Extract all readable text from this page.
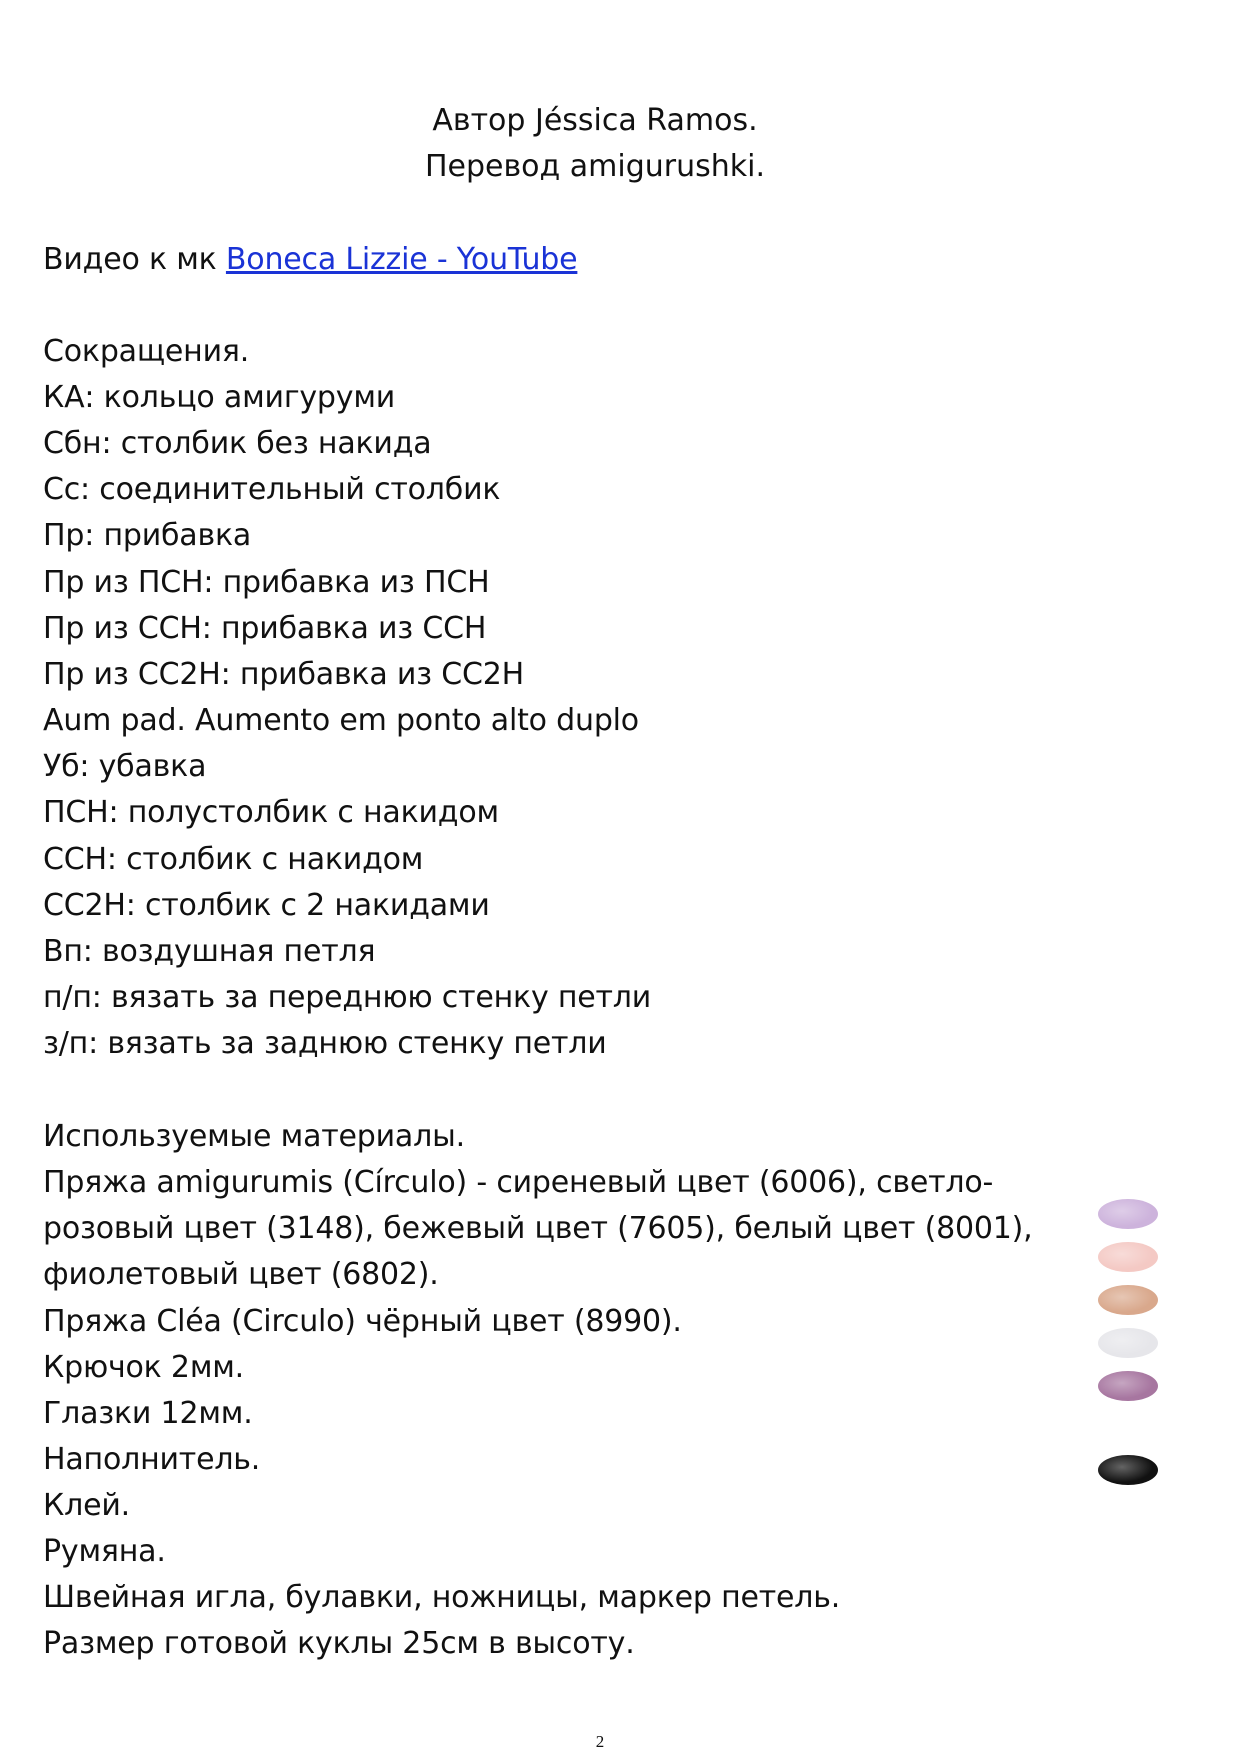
Автор Jéssica Ramos.
Перевод amigurushki.
Видео к мк Boneca Lizzie - YouTube
Сокращения.
КА: кольцо амигуруми
Сбн: столбик без накида
Сс: соединительный столбик
Пр: прибавка
Пр из ПСН: прибавка из ПСН
Пр из ССН: прибавка из ССН
Пр из СС2Н: прибавка из СС2Н
Aum pad. Aumento em ponto alto duplo
Уб: убавка
ПСН: полустолбик с накидом
ССН: столбик с накидом
СС2Н: столбик с 2 накидами
Вп: воздушная петля
п/п: вязать за переднюю стенку петли
з/п: вязать за заднюю стенку петли
Используемые материалы.
Пряжа amigurumis (Círculo) - сиреневый цвет (6006), светло-
розовый цвет (3148), бежевый цвет (7605), белый цвет (8001),
фиолетовый цвет (6802).
Пряжа Cléa (Circulo) чёрный цвет (8990).
Крючок 2мм.
Глазки 12мм.
Наполнитель.
Клей.
Румяна.
Швейная игла, булавки, ножницы, маркер петель.
Размер готовой куклы 25см в высоту.
2
